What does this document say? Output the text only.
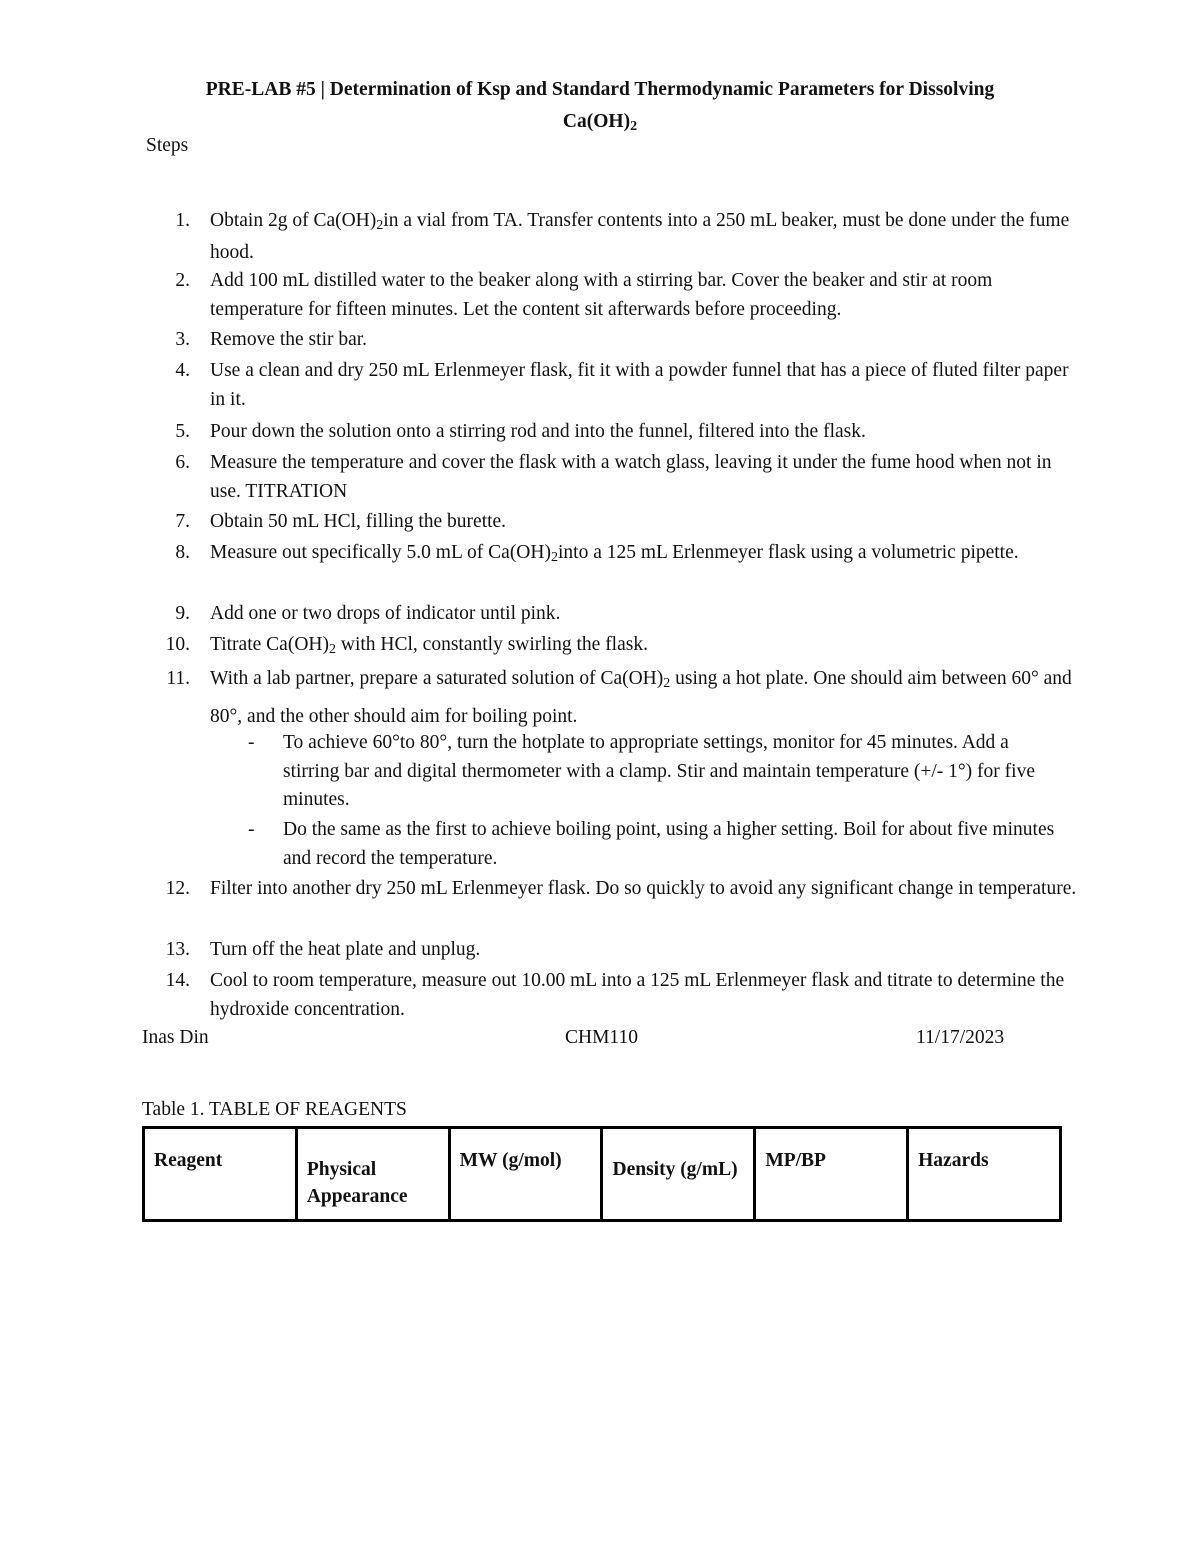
PRE-LAB #5 | Determination of Ksp and Standard Thermodynamic Parameters for Dissolving
$Ca(OH)_2$
Steps
1. Obtain 2g of $Ca(OH)_2in$ a vial from TA. Transfer contents into a 250 mL beaker, must be done under the fume hood.
2. Add 100 mL distilled water to the beaker along with a stirring bar. Cover the beaker and stir at room temperature for fifteen minutes. Let the content sit afterwards before proceeding.
3. Remove the stir bar.
4. Use a clean and dry 250 mL Erlenmeyer flask, fit it with a powder funnel that has a piece of fluted filter paper in it.
5. Pour down the solution onto a stirring rod and into the funnel, filtered into the flask.
6. Measure the temperature and cover the flask with a watch glass, leaving it under the fume hood when not in use. TITRATION
7. Obtain 50 mL HCl, filling the burette.
8. Measure out specifically 5.0 mL of $Ca(OH)_2into$ a 125 mL Erlenmeyer flask using a volumetric pipette.
9. Add one or two drops of indicator until pink.
10. Titrate $Ca(OH)_2$ with HCl, constantly swirling the flask.
11. With a lab partner, prepare a saturated solution of $Ca(OH)_2$ using a hot plate. One should aim between 60° and 80°, and the other should aim for boiling point.
- To achieve 60°to 80°, turn the hotplate to appropriate settings, monitor for 45 minutes. Add a stirring bar and digital thermometer with a clamp. Stir and maintain temperature (+/- 1°) for five minutes.
- Do the same as the first to achieve boiling point, using a higher setting. Boil for about five minutes and record the temperature.
12. Filter into another dry 250 mL Erlenmeyer flask. Do so quickly to avoid any significant change in temperature.
13. Turn off the heat plate and unplug.
14. Cool to room temperature, measure out 10.00 mL into a 125 mL Erlenmeyer flask and titrate to determine the hydroxide concentration.
Inas Din	CHM110	11/17/2023
Table 1. TABLE OF REAGENTS
Reagent	Physical Appearance	MW (g/mol)	Density (g/mL)	MP/BP	Hazards
